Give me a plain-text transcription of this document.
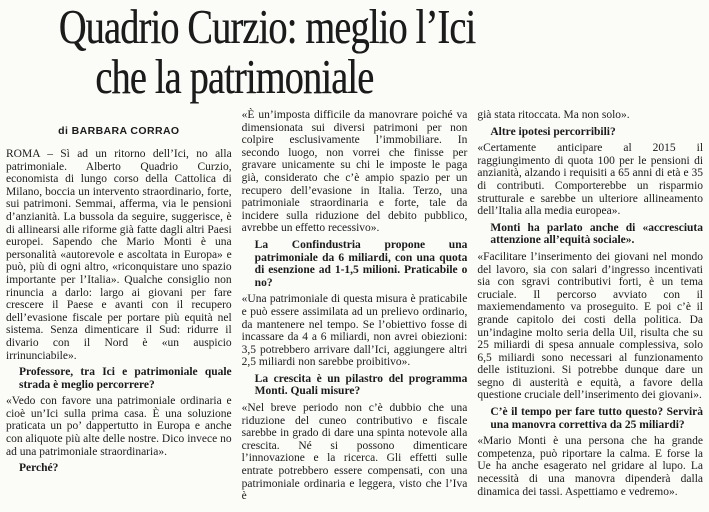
Quadrio Curzio: meglio l’Ici
che la patrimoniale
di BARBARA CORRAO

ROMA – Sì ad un ritorno dell’Ici, no alla patrimoniale. Alberto Quadrio Curzio, economista di lungo corso della Cattolica di Milano, boccia un intervento straordinario, forte, sui patrimoni. Semmai, afferma, via le pensioni d’anzianità. La bussola da seguire, suggerisce, è di allinearsi alle riforme già fatte dagli altri Paesi europei. Sapendo che Mario Monti è una personalità «autorevole e ascoltata in Europa» e può, più di ogni altro, «riconquistare uno spazio importante per l’Italia». Qualche consiglio non rinuncia a darlo: largo ai giovani per fare crescere il Paese e avanti con il recupero dell’evasione fiscale per portare più equità nel sistema. Senza dimenticare il Sud: ridurre il divario con il Nord è «un auspicio irrinunciabile».

Professore, tra Ici e patrimoniale quale strada è meglio percorrere?

«Vedo con favore una patrimoniale ordinaria e cioè un’Ici sulla prima casa. È una soluzione praticata un po’ dappertutto in Europa e anche con aliquote più alte delle nostre. Dico invece no ad una patrimoniale straordinaria».

Perché?

«È un’imposta difficile da manovrare poiché va dimensionata sui diversi patrimoni per non colpire esclusivamente l’immobiliare. In secondo luogo, non vorrei che finisse per gravare unicamente su chi le imposte le paga già, considerato che c’è ampio spazio per un recupero dell’evasione in Italia. Terzo, una patrimoniale straordinaria e forte, tale da incidere sulla riduzione del debito pubblico, avrebbe un effetto recessivo».

La Confindustria propone una patrimoniale da 6 miliardi, con una quota di esenzione ad 1-1,5 milioni. Praticabile o no?

«Una patrimoniale di questa misura è praticabile e può essere assimilata ad un prelievo ordinario, da mantenere nel tempo. Se l’obiettivo fosse di incassare da 4 a 6 miliardi, non avrei obiezioni: 3,5 potrebbero arrivare dall’Ici, aggiungere altri 2,5 miliardi non sarebbe proibitivo».

La crescita è un pilastro del programma Monti. Quali misure?

«Nel breve periodo non c’è dubbio che una riduzione del cuneo contributivo e fiscale sarebbe in grado di dare una spinta notevole alla crescita. Né si possono dimenticare l’innovazione e la ricerca. Gli effetti sulle entrate potrebbero essere compensati, con una patrimoniale ordinaria e leggera, visto che l’Iva è

già stata ritoccata. Ma non solo».

Altre ipotesi percorribili?

«Certamente anticipare al 2015 il raggiungimento di quota 100 per le pensioni di anzianità, alzando i requisiti a 65 anni di età e 35 di contributi. Comporterebbe un risparmio strutturale e sarebbe un ulteriore allineamento dell’Italia alla media europea».

Monti ha parlato anche di «accresciuta attenzione all’equità sociale».

«Facilitare l’inserimento dei giovani nel mondo del lavoro, sia con salari d’ingresso incentivati sia con sgravi contributivi forti, è un tema cruciale. Il percorso avviato con il maxiemendamento va proseguito. E poi c’è il grande capitolo dei costi della politica. Da un’indagine molto seria della Uil, risulta che su 25 miliardi di spesa annuale complessiva, solo 6,5 miliardi sono necessari al funzionamento delle istituzioni. Si potrebbe dunque dare un segno di austerità e equità, a favore della questione cruciale dell’inserimento dei giovani».

C’è il tempo per fare tutto questo? Servirà una manovra correttiva da 25 miliardi?

«Mario Monti è una persona che ha grande competenza, può riportare la calma. E forse la Ue ha anche esagerato nel gridare al lupo. La necessità di una manovra dipenderà dalla dinamica dei tassi. Aspettiamo e vedremo».
